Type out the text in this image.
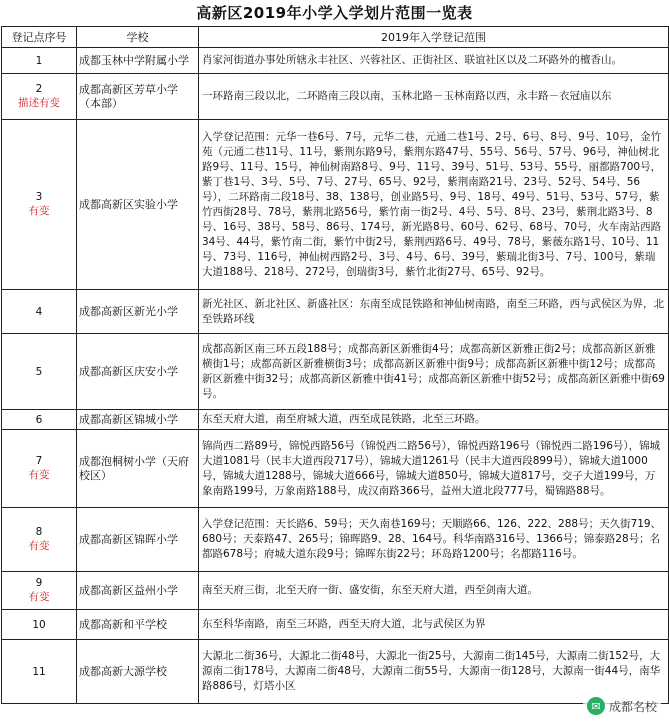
高新区2019年小学入学划片范围一览表
登记点序号	学校	2019年入学登记范围
1	成都玉林中学附属小学	肖家河街道办事处所辖永丰社区、兴蓉社区、正街社区、联谊社区以及二环路外的檀香山。

2
描述有变	成都高新区芳草小学（本部）	一环路南三段以北，二环路南三段以南，玉林北路－玉林南路以西，永丰路－衣冠庙以东

3
有变	成都高新区实验小学	入学登记范围：元华一巷6号、7号，元华二巷，元通二巷1号、2号、6号、8号、9号、10号，金竹苑（元通二巷11号、11号，紫荆东路9号，紫荆东路47号、55号、56号、57号、96号，神仙树北路9号、11号、15号，神仙树南路8号、9号、11号、39号、51号、53号、55号，丽都路700号，紫丁巷1号、3号、5号、7号、27号、65号、92号，紫荆南路21号、23号、52号、54号、56号），二环路南二段18号、38、138号，创业路5号、9号、18号、49号、51号、53号、57号，紫竹西街28号、78号，紫荆北路56号，紫竹南一街2号、4号、5号、8号、23号，紫荆北路3号、8号、16号、38号、58号、86号、174号，新光路8号、60号、62号、68号、70号，火车南站西路34号、44号，紫竹南二街，紫竹中街2号，紫荆西路6号、49号、78号，紫薇东路1号、10号、11号、73号、116号，神仙树西路2号、3号、4号、6号、39号，紫瑞北街3号、7号、100号，紫瑞大道188号、218号、272号，创瑞街3号，紫竹北街27号、65号、92号。
4	成都高新区新光小学	新光社区、新北社区、新盛社区：东南至成昆铁路和神仙树南路，南至三环路，西与武侯区为界，北至铁路环线
5	成都高新区庆安小学	成都高新区南三环五段188号；成都高新区新雅街4号；成都高新区新雅正街2号；成都高新区新雅横街1号；成都高新区新雅横街3号；成都高新区新雅中街9号；成都高新区新雅中街12号；成都高新区新雅中街32号；成都高新区新雅中街41号；成都高新区新雅中街52号；成都高新区新雅中街69号。
6	成都高新区锦城小学	东至天府大道，南至府城大道，西至成昆铁路，北至三环路。
7
有变	成都泡桐树小学（天府校区）	锦尚西二路89号，锦悦西路56号（锦悦西二路56号），锦悦西路196号（锦悦西二路196号），锦城大道1081号（民丰大道西段717号），锦城大道1261号（民丰大道西段899号），锦城大道1000号，锦城大道1288号，锦城大道666号，锦城大道850号，锦城大道817号，交子大道199号，万象南路199号，万象南路188号，成汉南路366号，益州大道北段777号，蜀锦路88号。
8
有变	成都高新区锦晖小学	入学登记范围：天长路6、59号；天久南巷169号；天顺路66、126、222、288号；天久街719、680号；天泰路47、265号；锦晖路9、28、164号。科华南路316号、1366号；锦泰路28号；名都路678号；府城大道东段9号；锦晖东街22号；环岛路1200号；名都路116号。
9
有变	成都高新区益州小学	南至天府三街，北至天府一街、盛安街，东至天府大道，西至剑南大道。
10	成都高新和平学校	东至科华南路，南至三环路，西至天府大道，北与武侯区为界
11	成都高新大源学校	大源北二街36号，大源北二街48号，大源北一街25号，大源南二街145号，大源南二街152号，大源南二街178号，大源南二街48号，大源南二街55号，大源南一街128号，大源南一街44号，南华路886号，灯塔小区
✉ 成都名校
